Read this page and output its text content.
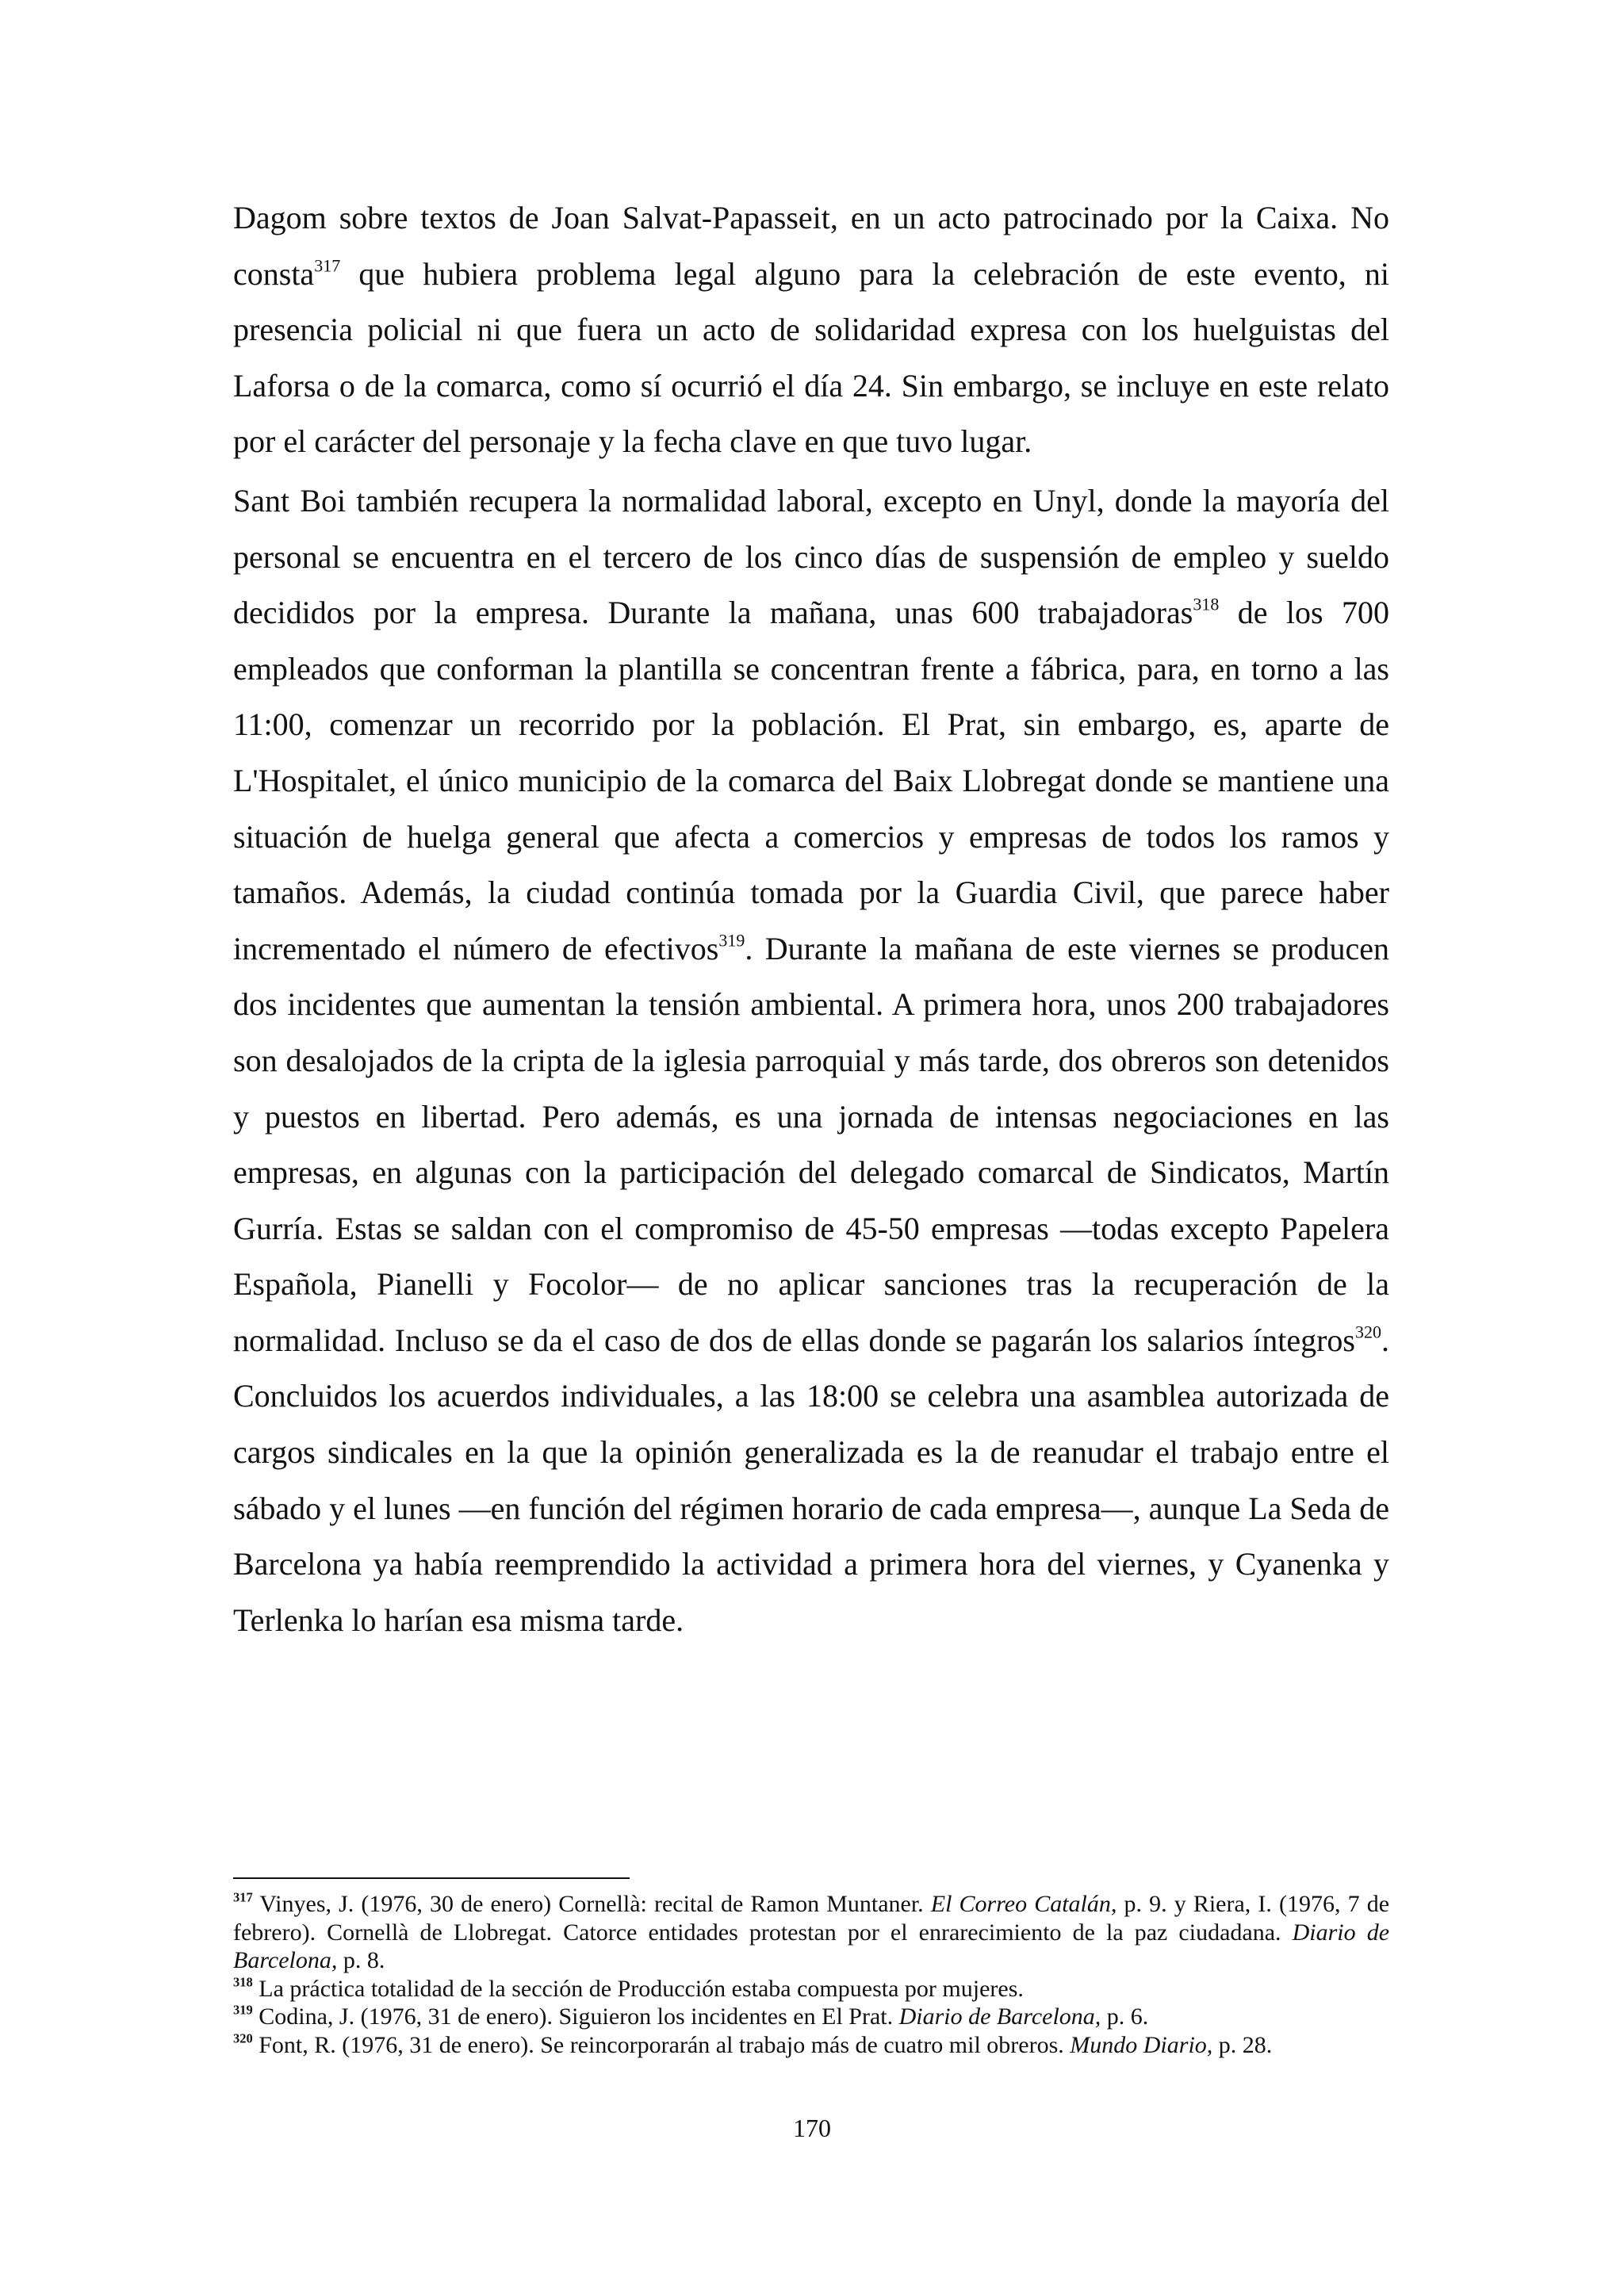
Dagom sobre textos de Joan Salvat-Papasseit, en un acto patrocinado por la Caixa. No consta$^{317}$ que hubiera problema legal alguno para la celebración de este evento, ni presencia policial ni que fuera un acto de solidaridad expresa con los huelguistas del Laforsa o de la comarca, como sí ocurrió el día 24. Sin embargo, se incluye en este relato por el carácter del personaje y la fecha clave en que tuvo lugar.

Sant Boi también recupera la normalidad laboral, excepto en Unyl, donde la mayoría del personal se encuentra en el tercero de los cinco días de suspensión de empleo y sueldo decididos por la empresa. Durante la mañana, unas 600 trabajadoras$^{318}$ de los 700 empleados que conforman la plantilla se concentran frente a fábrica, para, en torno a las 11:00, comenzar un recorrido por la población. El Prat, sin embargo, es, aparte de L'Hospitalet, el único municipio de la comarca del Baix Llobregat donde se mantiene una situación de huelga general que afecta a comercios y empresas de todos los ramos y tamaños. Además, la ciudad continúa tomada por la Guardia Civil, que parece haber incrementado el número de efectivos$^{319}$. Durante la mañana de este viernes se producen dos incidentes que aumentan la tensión ambiental. A primera hora, unos 200 trabajadores son desalojados de la cripta de la iglesia parroquial y más tarde, dos obreros son detenidos y puestos en libertad. Pero además, es una jornada de intensas negociaciones en las empresas, en algunas con la participación del delegado comarcal de Sindicatos, Martín Gurría. Estas se saldan con el compromiso de 45-50 empresas —todas excepto Papelera Española, Pianelli y Focolor— de no aplicar sanciones tras la recuperación de la normalidad. Incluso se da el caso de dos de ellas donde se pagarán los salarios íntegros$^{320}$. Concluidos los acuerdos individuales, a las 18:00 se celebra una asamblea autorizada de cargos sindicales en la que la opinión generalizada es la de reanudar el trabajo entre el sábado y el lunes —en función del régimen horario de cada empresa—, aunque La Seda de Barcelona ya había reemprendido la actividad a primera hora del viernes, y Cyanenka y Terlenka lo harían esa misma tarde.

$^{317}$ Vinyes, J. (1976, 30 de enero) Cornellà: recital de Ramon Muntaner. El Correo Catalán, p. 9. y Riera, I. (1976, 7 de febrero). Cornellà de Llobregat. Catorce entidades protestan por el enrarecimiento de la paz ciudadana. Diario de Barcelona, p. 8.

$^{318}$ La práctica totalidad de la sección de Producción estaba compuesta por mujeres.

$^{319}$ Codina, J. (1976, 31 de enero). Siguieron los incidentes en El Prat. Diario de Barcelona, p. 6.

$^{320}$ Font, R. (1976, 31 de enero). Se reincorporarán al trabajo más de cuatro mil obreros. Mundo Diario, p. 28.

170
